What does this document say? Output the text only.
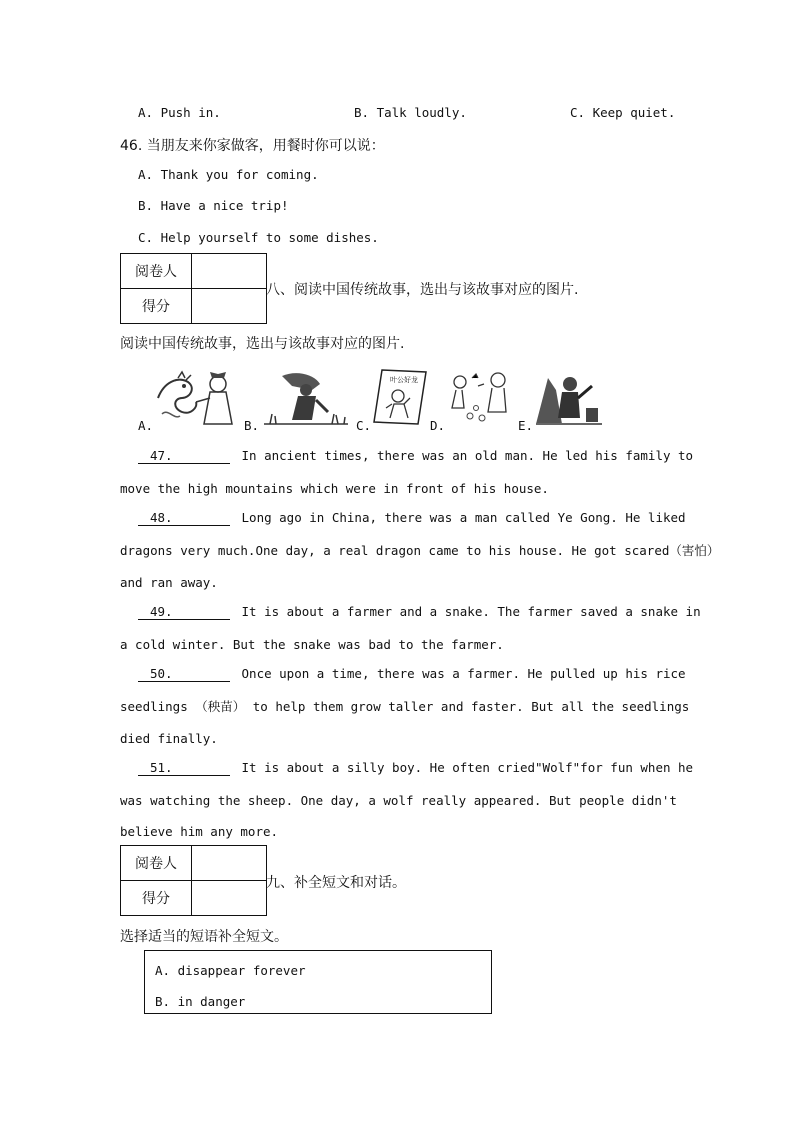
A. Push in.	B. Talk loudly.	C. Keep quiet.
46. 当朋友来你家做客，用餐时你可以说：
A. Thank you for coming.
B. Have a nice trip!
C. Help yourself to some dishes.
阅卷人	
得分	
八、阅读中国传统故事，选出与该故事对应的图片.
阅读中国传统故事，选出与该故事对应的图片.
A.	B.
叶公好龙
C.	D.	E.
47.	In ancient times, there was an old man. He led his family to
move the high mountains which were in front of his house.
48.	Long ago in China, there was a man called Ye Gong. He liked
dragons very much.One day, a real dragon came to his house. He got scared（害怕）
and ran away.
49.	It is about a farmer and a snake. The farmer saved a snake in
a cold winter. But the snake was bad to the farmer.
50.	Once upon a time, there was a farmer. He pulled up his rice
seedlings （秧苗） to help them grow taller and faster. But all the seedlings
died finally.
51.	It is about a silly boy. He often cried"Wolf"for fun when he
was watching the sheep. One day, a wolf really appeared. But people didn't
believe him any more.
阅卷人	
得分	
九、补全短文和对话。
选择适当的短语补全短文。
A. disappear forever
B. in danger
